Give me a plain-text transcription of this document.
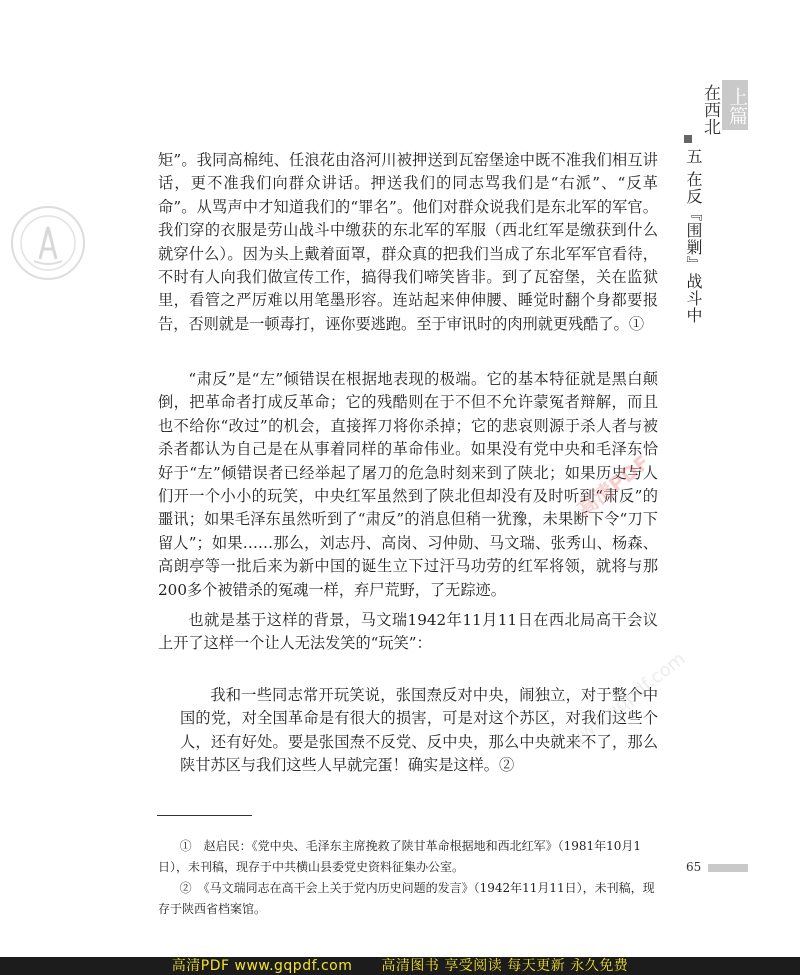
上篇
在西北
五 在反『围剿』战斗中

矩”。我同高棉纯、任浪花由洛河川被押送到瓦窑堡途中既不准我们相互讲话，更不准我们向群众讲话。押送我们的同志骂我们是“右派”、“反革命”。从骂声中才知道我们的“罪名”。他们对群众说我们是东北军的军官。我们穿的衣服是劳山战斗中缴获的东北军的军服（西北红军是缴获到什么就穿什么）。因为头上戴着面罩，群众真的把我们当成了东北军军官看待，不时有人向我们做宣传工作，搞得我们啼笑皆非。到了瓦窑堡，关在监狱里，看管之严厉难以用笔墨形容。连站起来伸伸腰、睡觉时翻个身都要报告，否则就是一顿毒打，诬你要逃跑。至于审讯时的肉刑就更残酷了。①

“肃反”是“左”倾错误在根据地表现的极端。它的基本特征就是黑白颠倒，把革命者打成反革命；它的残酷则在于不但不允许蒙冤者辩解，而且也不给你“改过”的机会，直接挥刀将你杀掉；它的悲哀则源于杀人者与被杀者都认为自己是在从事着同样的革命伟业。如果没有党中央和毛泽东恰好于“左”倾错误者已经举起了屠刀的危急时刻来到了陕北；如果历史与人们开一个小小的玩笑，中央红军虽然到了陕北但却没有及时听到“肃反”的噩讯；如果毛泽东虽然听到了“肃反”的消息但稍一犹豫，未果断下令“刀下留人”；如果……那么，刘志丹、高岗、习仲勋、马文瑞、张秀山、杨森、高朗亭等一批后来为新中国的诞生立下过汗马功劳的红军将领，就将与那200多个被错杀的冤魂一样，弃尸荒野，了无踪迹。

也就是基于这样的背景，马文瑞1942年11月11日在西北局高干会议上开了这样一个让人无法发笑的“玩笑”：

我和一些同志常开玩笑说，张国焘反对中央，闹独立，对于整个中国的党，对全国革命是有很大的损害，可是对这个苏区，对我们这些个人，还有好处。要是张国焘不反党、反中央，那么中央就来不了，那么陕甘苏区与我们这些人早就完蛋！确实是这样。②

高清PDF
www.gqpdf.com

①　赵启民：《党中央、毛泽东主席挽救了陕甘革命根据地和西北红军》（1981年10月1日），未刊稿，现存于中共横山县委党史资料征集办公室。

②　《马文瑞同志在高干会上关于党内历史问题的发言》（1942年11月11日），未刊稿，现存于陕西省档案馆。

65
高清PDF www.gqpdf.com　　高清图书 享受阅读 每天更新 永久免费
